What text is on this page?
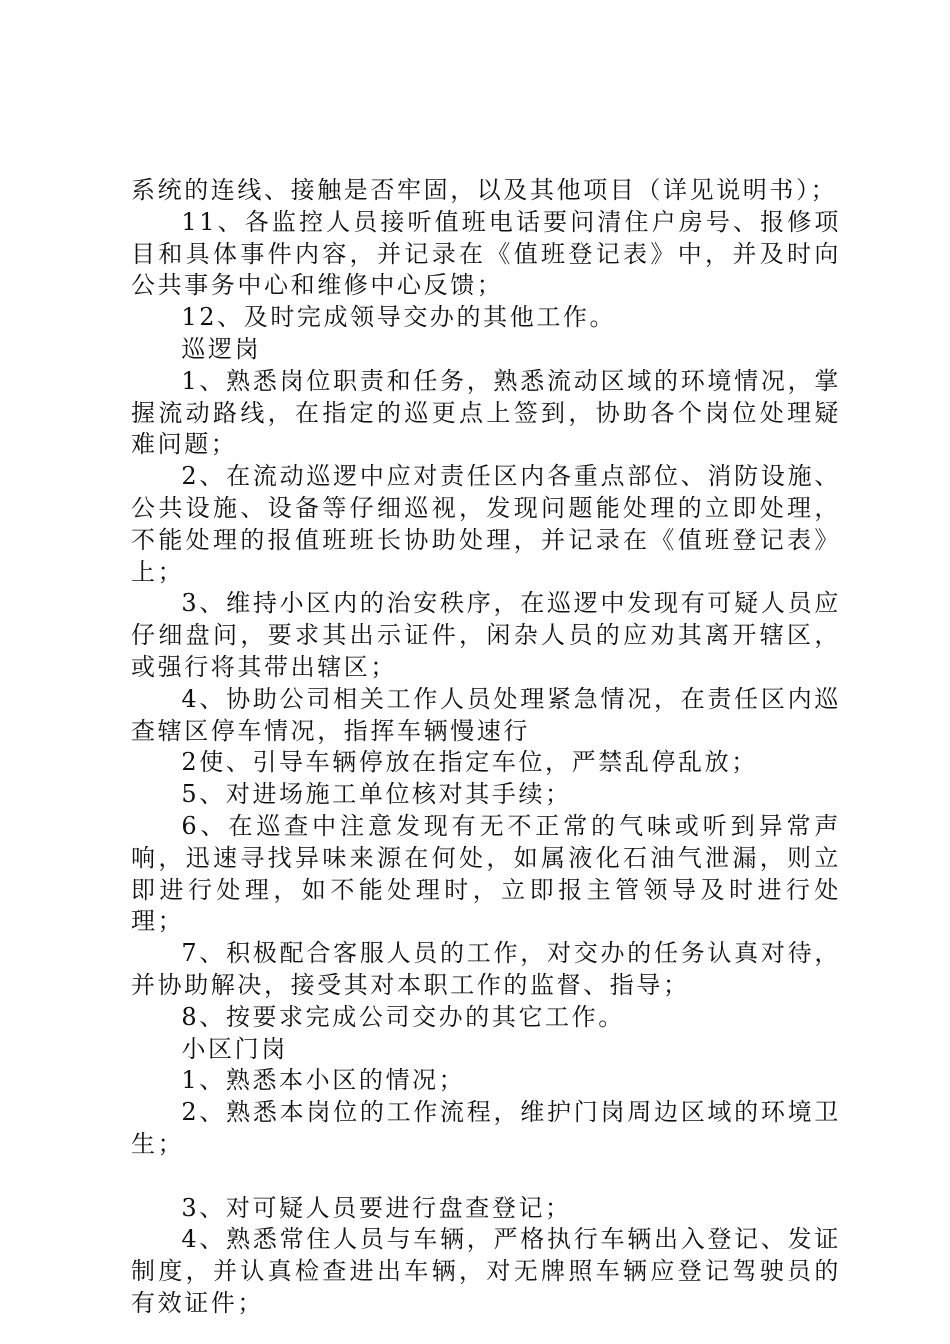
系统的连线、接触是否牢固，以及其他项目（详见说明书）；

11、各监控人员接听值班电话要问清住户房号、报修项目和具体事件内容，并记录在《值班登记表》中，并及时向公共事务中心和维修中心反馈；

12、及时完成领导交办的其他工作。

巡逻岗

1、熟悉岗位职责和任务，熟悉流动区域的环境情况，掌握流动路线，在指定的巡更点上签到，协助各个岗位处理疑难问题；

2、在流动巡逻中应对责任区内各重点部位、消防设施、公共设施、设备等仔细巡视，发现问题能处理的立即处理，不能处理的报值班班长协助处理，并记录在《值班登记表》上；

3、维持小区内的治安秩序，在巡逻中发现有可疑人员应仔细盘问，要求其出示证件，闲杂人员的应劝其离开辖区，或强行将其带出辖区；

4、协助公司相关工作人员处理紧急情况，在责任区内巡查辖区停车情况，指挥车辆慢速行

2使、引导车辆停放在指定车位，严禁乱停乱放；

5、对进场施工单位核对其手续；

6、在巡查中注意发现有无不正常的气味或听到异常声响，迅速寻找异味来源在何处，如属液化石油气泄漏，则立即进行处理，如不能处理时，立即报主管领导及时进行处理；

7、积极配合客服人员的工作，对交办的任务认真对待，并协助解决，接受其对本职工作的监督、指导；

8、按要求完成公司交办的其它工作。

小区门岗

1、熟悉本小区的情况；

2、熟悉本岗位的工作流程，维护门岗周边区域的环境卫生；

3、对可疑人员要进行盘查登记；

4、熟悉常住人员与车辆，严格执行车辆出入登记、发证制度，并认真检查进出车辆，对无牌照车辆应登记驾驶员的有效证件；
